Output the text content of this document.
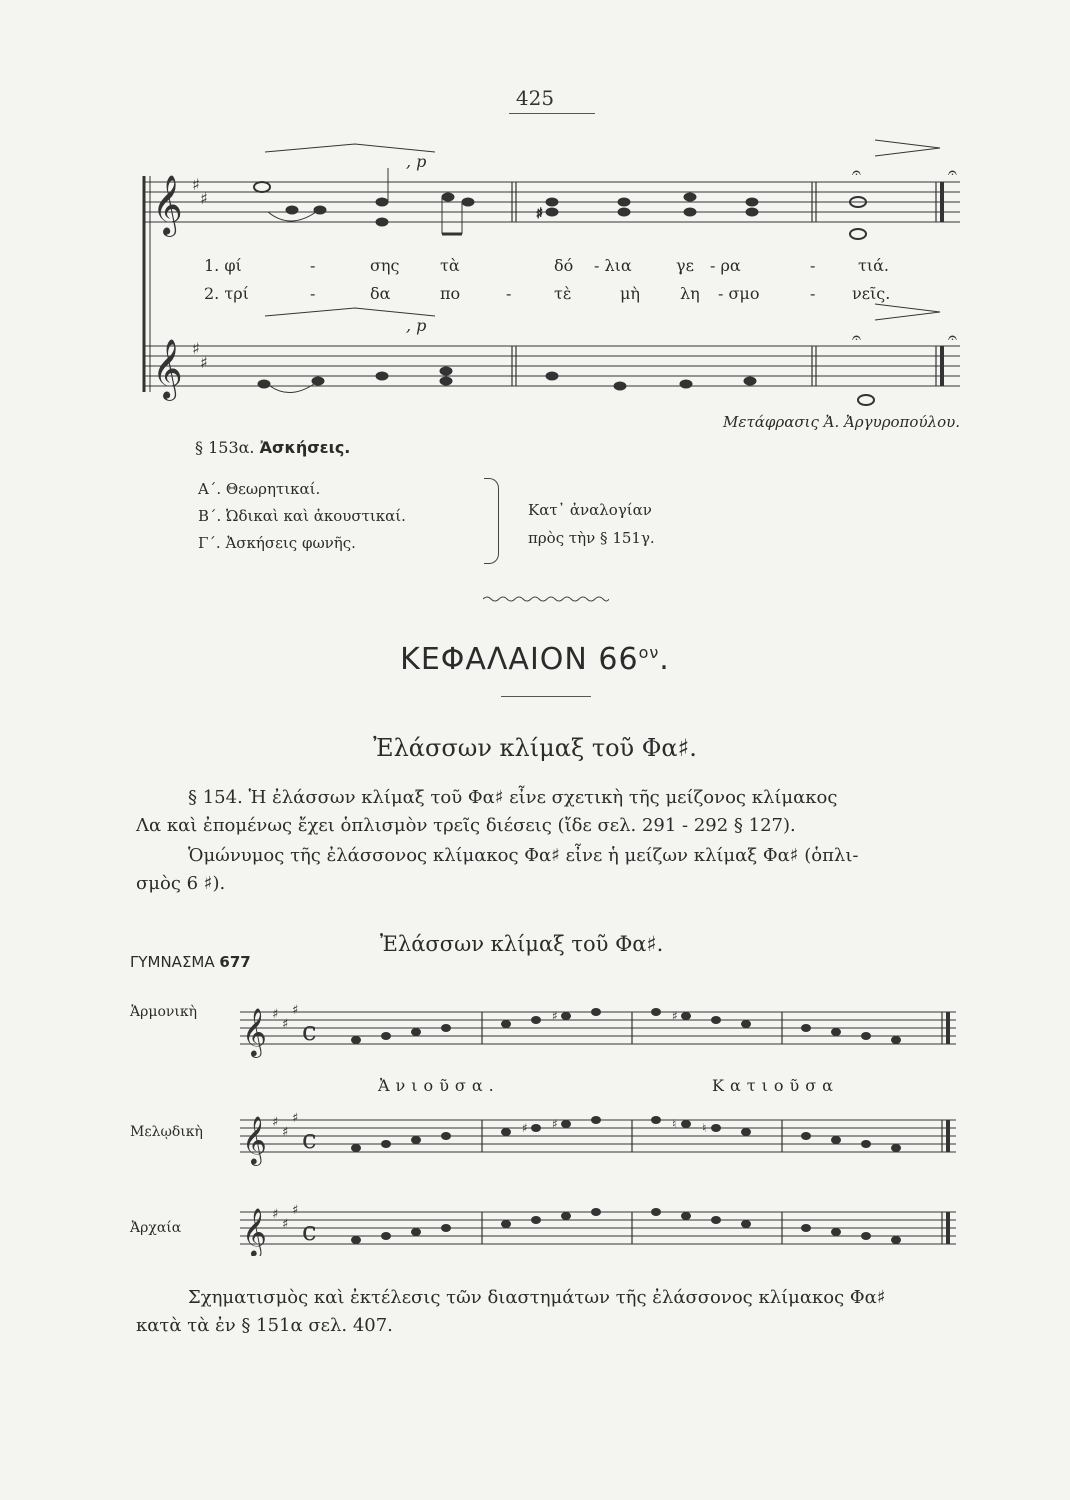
425
𝄞
𝄞
♯
♯
♯
♯
♯
𝄐	𝄐
𝄐	𝄐
, p
, p
1. φί	-	σης	τὰ	δό - λια	γε - ρα	-	τιά.
2. τρί	-	δα	πο	-	τὲ	μὴ	λη - σμο	- νεῖς.
Μετάφρασις Ἀ. Ἀργυροπούλου.
§ 153α. Ἀσκήσεις.
Α΄. Θεωρητικαί.
Β΄. Ὠδικαὶ καὶ ἀκουστικαί.
Γ΄. Ἀσκήσεις φωνῆς.
Κατ᾽ ἀναλογίαν
πρὸς τὴν § 151γ.
ΚΕΦΑΛΑΙΟΝ $66^{o\nu}$.
Ἐλάσσων κλίμαξ τοῦ Φα♯.
§ 154. Ἡ ἐλάσσων κλίμαξ τοῦ Φα♯ εἶνε σχετικὴ τῆς μείζονος κλίμακος
Λα καὶ ἐπομένως ἔχει ὁπλισμὸν τρεῖς διέσεις (ἴδε σελ. 291 - 292 § 127).
Ὁμώνυμος τῆς ἐλάσσονος κλίμακος Φα♯ εἶνε ἡ μείζων κλίμαξ Φα♯ (ὁπλι-
σμὸς 6 ♯).
Ἐλάσσων κλίμαξ τοῦ Φα♯.
ΓΥΜΝΑΣΜΑ 677
Ἁρμονικὴ
Μελῳδικὴ
Ἀρχαία
Ἀνιοῦσα.	Κατιοῦσα
𝄞
𝄞
𝄞
♯
♯
♯
♯
♯
♯
♯
♯
♯
c
c
c
♯	♯
♯ ♯	♮ ♮
Σχηματισμὸς καὶ ἐκτέλεσις τῶν διαστημάτων τῆς ἐλάσσονος κλίμακος Φα♯
κατὰ τὰ ἐν § 151α σελ. 407.
